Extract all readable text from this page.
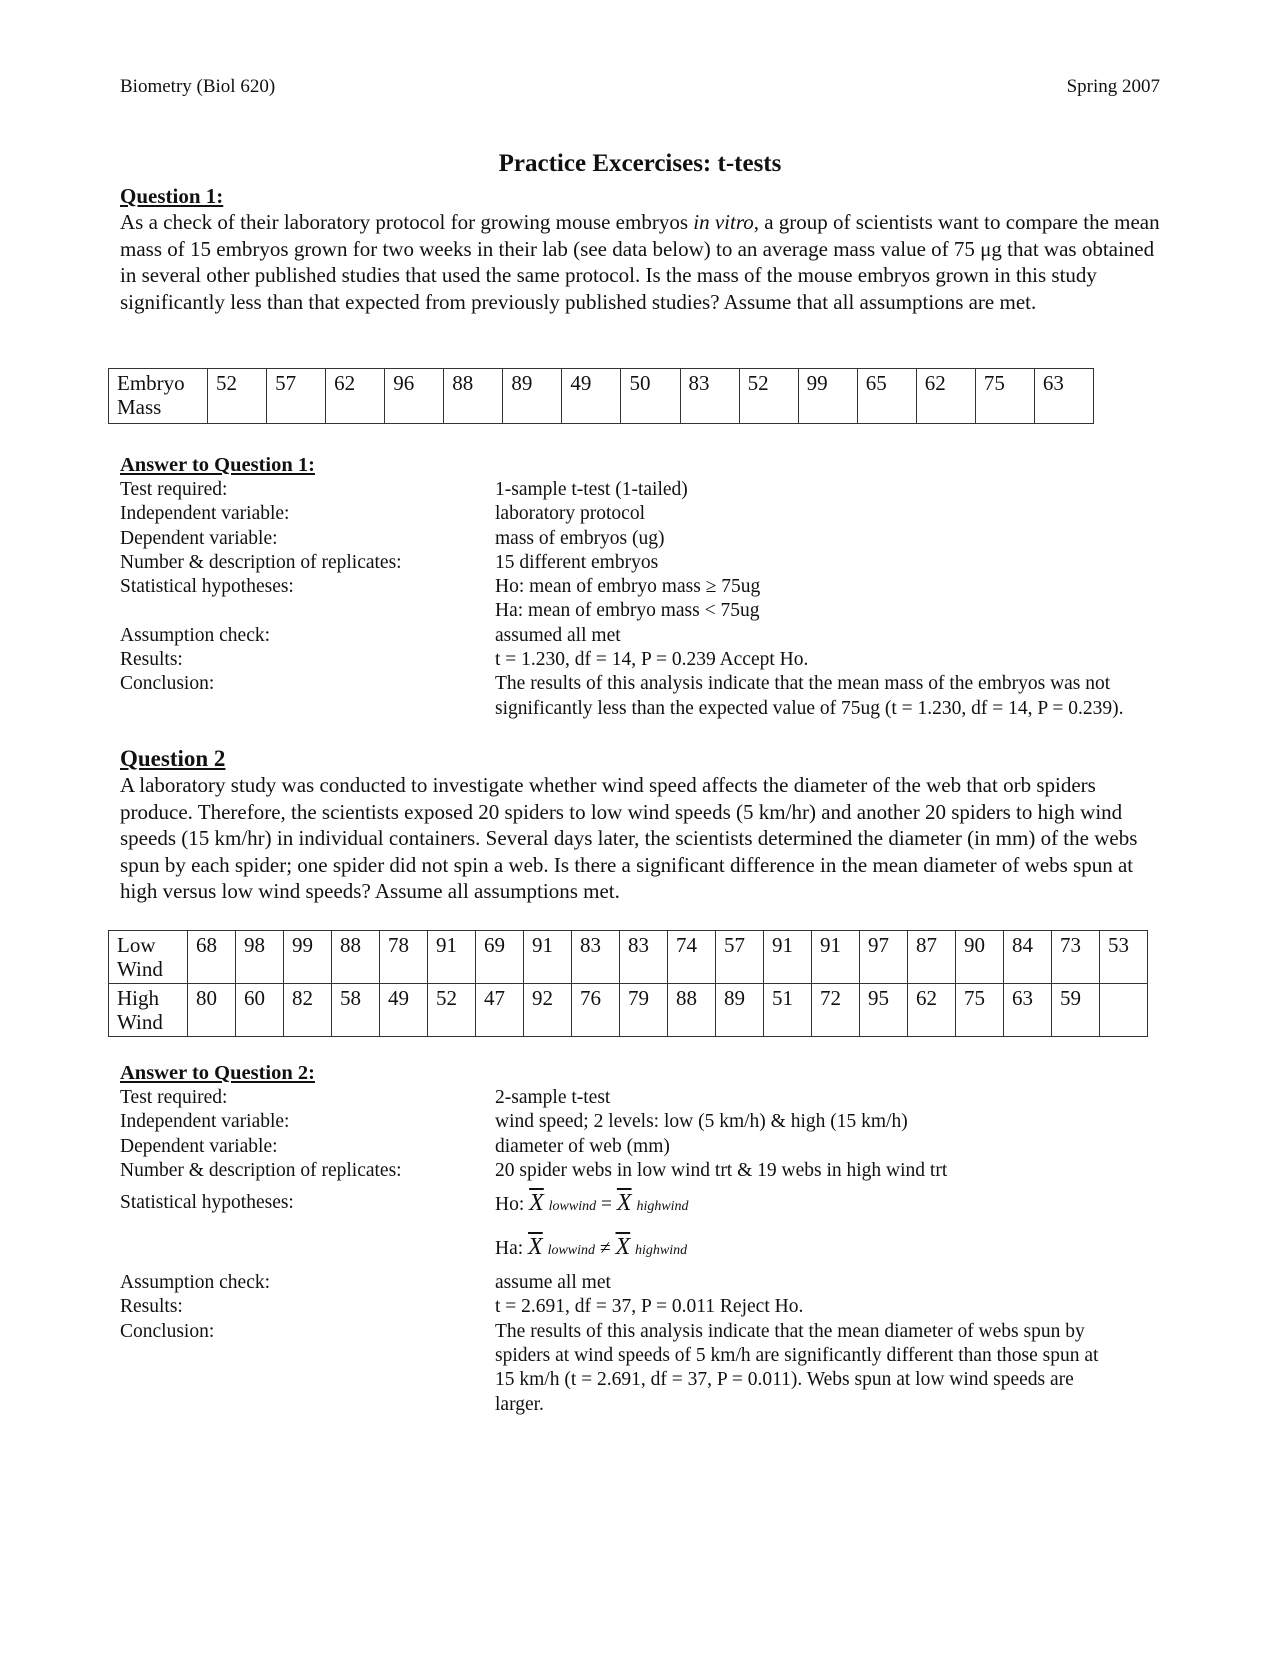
Biometry (Biol 620)	Spring 2007
Practice Excercises: t-tests
Question 1:
As a check of their laboratory protocol for growing mouse embryos in vitro, a group of scientists want to compare the mean mass of 15 embryos grown for two weeks in their lab (see data below) to an average mass value of 75 μg that was obtained in several other published studies that used the same protocol. Is the mass of the mouse embryos grown in this study significantly less than that expected from previously published studies? Assume that all assumptions are met.
Embryo Mass	52	57	62	96	88	89	49	50	83	52	99	65	62	75	63
Answer to Question 1:
Test required:	1-sample t-test (1-tailed)
Independent variable:	laboratory protocol
Dependent variable:	mass of embryos (ug)
Number & description of replicates:	15 different embryos
Statistical hypotheses:	Ho: mean of embryo mass ≥ 75ug
Ha: mean of embryo mass < 75ug
Assumption check:	assumed all met
Results:	t = 1.230, df = 14, P = 0.239 Accept Ho.
Conclusion:	The results of this analysis indicate that the mean mass of the embryos was not significantly less than the expected value of 75ug (t = 1.230, df = 14, P = 0.239).
Question 2
A laboratory study was conducted to investigate whether wind speed affects the diameter of the web that orb spiders produce. Therefore, the scientists exposed 20 spiders to low wind speeds (5 km/hr) and another 20 spiders to high wind speeds (15 km/hr) in individual containers. Several days later, the scientists determined the diameter (in mm) of the webs spun by each spider; one spider did not spin a web. Is there a significant difference in the mean diameter of webs spun at high versus low wind speeds? Assume all assumptions met.
Low Wind	68	98	99	88	78	91	69	91	83	83	74	57	91	91	97	87	90	84	73	53
High Wind	80	60	82	58	49	52	47	92	76	79	88	89	51	72	95	62	75	63	59	
Answer to Question 2:
Test required:	2-sample t-test
Independent variable:	wind speed; 2 levels: low (5 km/h) & high (15 km/h)
Dependent variable:	diameter of web (mm)
Number & description of replicates:	20 spider webs in low wind trt & 19 webs in high wind trt
Statistical hypotheses:	Ho: $\overline{X}$ lowwind = $\overline{X}$ highwind
Ha: $\overline{X}$ lowwind ≠ $\overline{X}$ highwind
Assumption check:	assume all met
Results:	t = 2.691, df = 37, P = 0.011 Reject Ho.
Conclusion:	The results of this analysis indicate that the mean diameter of webs spun by spiders at wind speeds of 5 km/h are significantly different than those spun at 15 km/h (t = 2.691, df = 37, P = 0.011). Webs spun at low wind speeds are larger.
